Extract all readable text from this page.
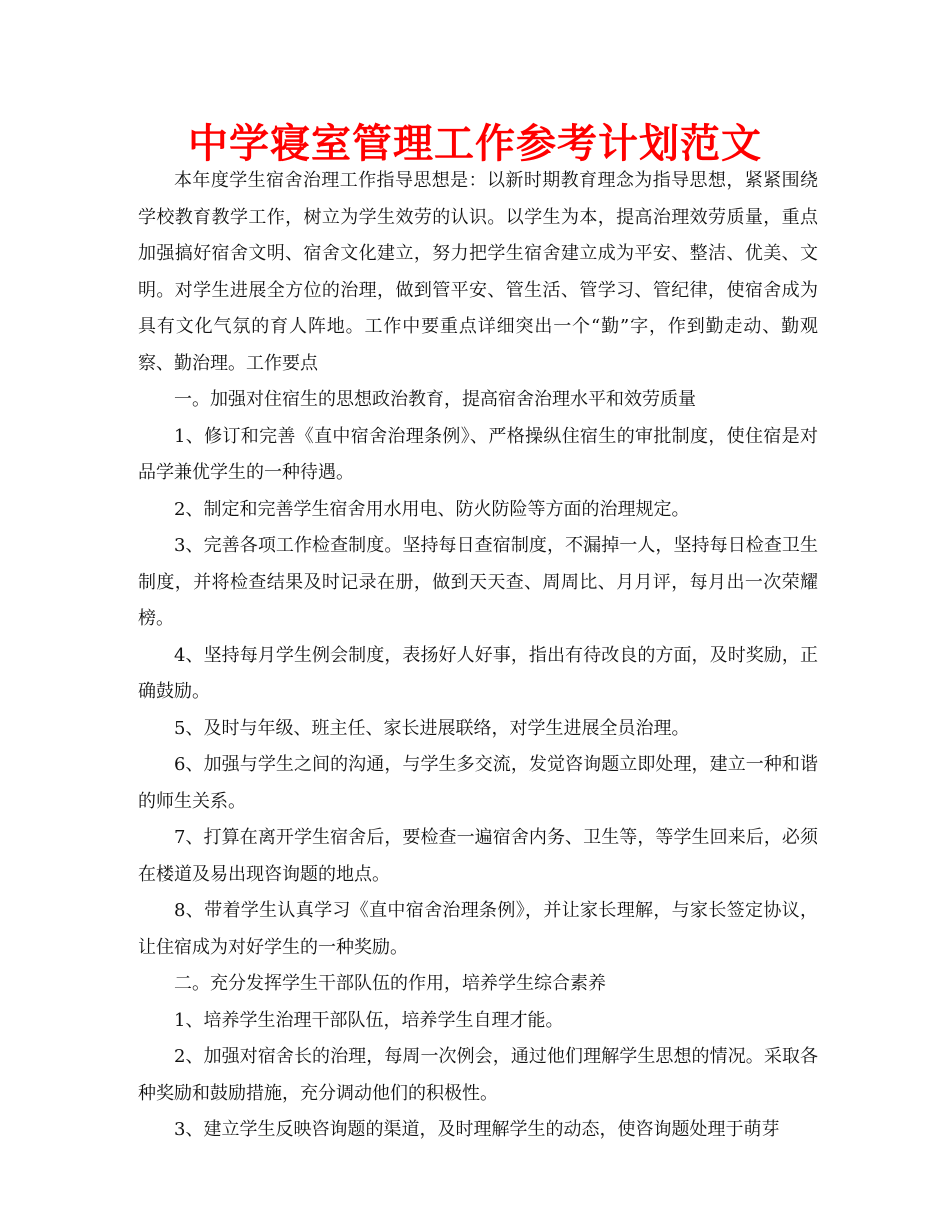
中学寝室管理工作参考计划范文

本年度学生宿舍治理工作指导思想是：以新时期教育理念为指导思想，紧紧围绕学校教育教学工作，树立为学生效劳的认识。以学生为本，提高治理效劳质量，重点加强搞好宿舍文明、宿舍文化建立，努力把学生宿舍建立成为平安、整洁、优美、文明。对学生进展全方位的治理，做到管平安、管生活、管学习、管纪律，使宿舍成为具有文化气氛的育人阵地。工作中要重点详细突出一个“勤”字，作到勤走动、勤观察、勤治理。工作要点

一。加强对住宿生的思想政治教育，提高宿舍治理水平和效劳质量

1、修订和完善《直中宿舍治理条例》、严格操纵住宿生的审批制度，使住宿是对品学兼优学生的一种待遇。

2、制定和完善学生宿舍用水用电、防火防险等方面的治理规定。

3、完善各项工作检查制度。坚持每日查宿制度，不漏掉一人，坚持每日检查卫生制度，并将检查结果及时记录在册，做到天天查、周周比、月月评，每月出一次荣耀榜。

4、坚持每月学生例会制度，表扬好人好事，指出有待改良的方面，及时奖励，正确鼓励。

5、及时与年级、班主任、家长进展联络，对学生进展全员治理。

6、加强与学生之间的沟通，与学生多交流，发觉咨询题立即处理，建立一种和谐的师生关系。

7、打算在离开学生宿舍后，要检查一遍宿舍内务、卫生等，等学生回来后，必须在楼道及易出现咨询题的地点。

8、带着学生认真学习《直中宿舍治理条例》，并让家长理解，与家长签定协议，让住宿成为对好学生的一种奖励。

二。充分发挥学生干部队伍的作用，培养学生综合素养

1、培养学生治理干部队伍，培养学生自理才能。

2、加强对宿舍长的治理，每周一次例会，通过他们理解学生思想的情况。采取各种奖励和鼓励措施，充分调动他们的积极性。

3、建立学生反映咨询题的渠道，及时理解学生的动态，使咨询题处理于萌芽
